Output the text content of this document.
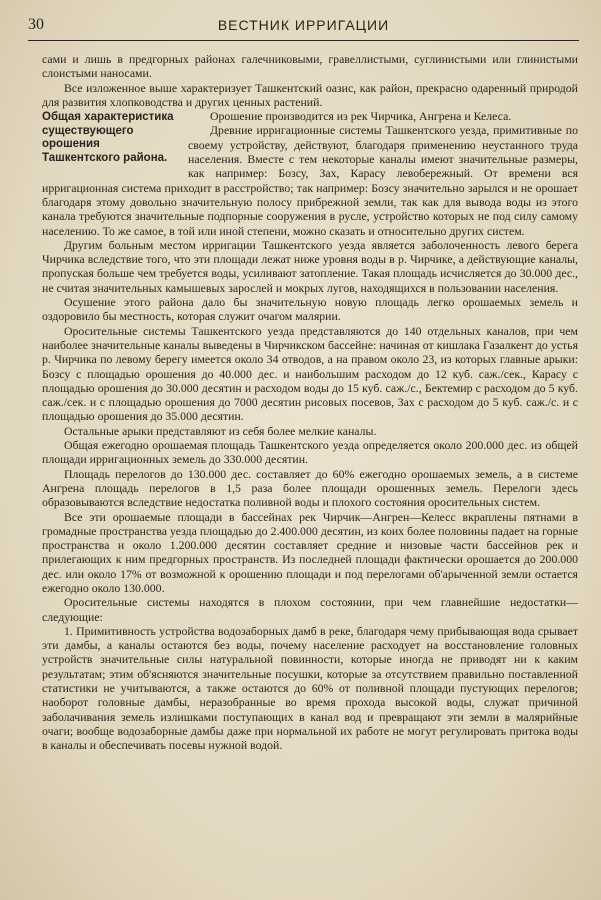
30	ВЕСТНИК ИРРИГАЦИИ

сами и лишь в предгорных районах галечниковыми, гравеллистыми, суглинистыми или глинистыми слоистыми наносами.

Все изложенное выше характеризует Ташкентский оазис, как район, прекрасно одаренный природой для развития хлопководства и других ценных растений.

Общая характеристика существующего орошения Ташкентского района.

Орошение производится из рек Чирчика, Ангрена и Келеса.

Древние ирригационные системы Ташкентского уезда, примитивные по своему устройству, действуют, благодаря применению неустанного труда населения. Вместе с тем некоторые каналы имеют значительные размеры, как например: Бозсу, Зах, Карасу левобережный. От времени вся ирригационная система приходит в расстройство; так например: Бозсу значительно зарылся и не орошает благодаря этому довольно значительную полосу прибрежной земли, так как для вывода воды из этого канала требуются значительные подпорные сооружения в русле, устройство которых не под силу самому населению. То же самое, в той или иной степени, можно сказать и относительно других систем.

Другим больным местом ирригации Ташкентского уезда является заболоченность левого берега Чирчика вследствие того, что эти площади лежат ниже уровня воды в р. Чирчике, а действующие каналы, пропуская больше чем требуется воды, усиливают затопление. Такая площадь исчисляется до 30.000 дес., не считая значительных камышевых зарослей и мокрых лугов, находящихся в пользовании населения.

Осушение этого района дало бы значительную новую площадь легко орошаемых земель и оздоровило бы местность, которая служит очагом малярии.

Оросительные системы Ташкентского уезда представляются до 140 отдельных каналов, при чем наиболее значительные каналы выведены в Чирчикском бассейне: начиная от кишлака Газалкент до устья р. Чирчика по левому берегу имеется около 34 отводов, а на правом около 23, из которых главные арыки: Бозсу с площадью орошения до 40.000 дес. и наибольшим расходом до 12 куб. саж./сек., Карасу с площадью орошения до 30.000 десятин и расходом воды до 15 куб. саж./с., Бектемир с расходом до 5 куб. саж./сек. и с площадью орошения до 7000 десятин рисовых посевов, Зах с расходом до 5 куб. саж./с. и с площадью орошения до 35.000 десятин.

Остальные арыки представляют из себя более мелкие каналы.

Общая ежегодно орошаемая площадь Ташкентского уезда определяется около 200.000 дес. из общей площади ирригационных земель до 330.000 десятин.

Площадь перелогов до 130.000 дес. составляет до 60% ежегодно орошаемых земель, а в системе Ангрена площадь перелогов в 1,5 раза более площади орошенных земель. Перелоги здесь образовываются вследствие недостатка поливной воды и плохого состояния оросительных систем.

Все эти орошаемые площади в бассейнах рек Чирчик—Ангрен—Келесс вкраплены пятнами в громадные пространства уезда площадью до 2.400.000 десятин, из коих более половины падает на горные пространства и около 1.200.000 десятин составляет средние и низовые части бассейнов рек и прилегающих к ним предгорных пространств. Из последней площади фактически орошается до 200.000 дес. или около 17% от возможной к орошению площади и под перелогами об'арыченной земли остается ежегодно около 130.000.

Оросительные системы находятся в плохом состоянии, при чем главнейшие недостатки—следующие:

1. Примитивность устройства водозаборных дамб в реке, благодаря чему прибывающая вода срывает эти дамбы, а каналы остаются без воды, почему население расходует на восстановление головных устройств значительные силы натуральной повинности, которые иногда не приводят ни к каким результатам; этим об'ясняются значительные посушки, которые за отсутствием правильно поставленной статистики не учитываются, а также остаются до 60% от поливной площади пустующих перелогов; наоборот головные дамбы, неразобранные во время прохода высокой воды, служат причиной заболачивания земель излишками поступающих в канал вод и превращают эти земли в малярийные очаги; вообще водозаборные дамбы даже при нормальной их работе не могут регулировать притока воды в каналы и обеспечивать посевы нужной водой.
